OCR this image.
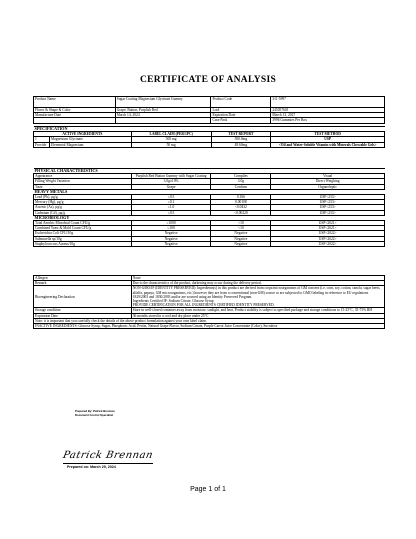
CERTIFICATE OF ANALYSIS
Product Name	Sugar Coating Magnesium Glycinate Gummy	Product Code	311-5997
Flavor & Shape & Color	Grape, Button, Purplish Red	Lot#	24505760J
Manufacture Date	March 14, 2024	Expiration Date	March 13, 2027
		Case Pack	3996 Gummies Per Box
SPECIFICATION				
ACTIVE INGREDIENTS		LABEL CLAIM (PER/1PC)	TEST REPORT	TEST METHOD
1	Magnesium Glycinate	500 mg	500.0mg	USP
Provide	Elemental Magnesium	50 mg	49.60mg	<Oil and Water-Soluble Vitamin with Minerals Chewable Gels>
PHYSICAL CHARACTERISTICS			
Appearance	Purplish Red Button Gummy with Sugar Coating	Complies	Visual
Filling Weight Variation	3.0g±10%	3.0g	Direct Weighing
Taste	Grape	Confirm	Organoleptic
HEAVY METALS			
Lead (Pb), µg/g	≤0.5	0.166	USP<233>
Mercury (Hg), µg/g	≤0.1	0.00108	USP<233>
Arsenic (As), µg/g	≤1.0	<0.0432	USP<233>
Cadmium (Cd), µg/g	≤0.5	<0.00220	USP<233>
MICROBIOLOGY			
Total Aerobic Microbial Count CFU/g	≤1000	<10	USP<2021>
Combined Yeast & Mold Count CFU/g	≤100	<10	USP<2021>
Escherichia Coli CFU/10g	Negative	Negative	USP<2022>
Salmonella sp/10g	Negative	Negative	USP<2022>
Staphylococcus Aureus/10g	Negative	Negative	USP<2022>
Allergen	None
Remark	Due to the characteristics of the product, darkening may occur during the delivery period.
Bioengineering Declaration	NON-GMO/IP (IDENTITY PRESERVED): Ingredients(s) in this product are derived from crops/microorganisms of GM concern (i.e. corn, soy, cotton, canola, sugar beets, alfalfa, papaya, GM microorganisms, etc.) however they are from a conventional (non-GM) source or are subjected to GMO labeling in reference to EU regulations 1829/2003 and 1830/2003 and/or are sourced using an Identity Preserved Program.
Ingredients Certified IP: Sodium Citrate, Glucose Syrup
PROVIDE CERTIFICATION FOR ALL INGREDIENTS CERTIFIED IDENTITY PRESERVED.

Storage condition	Store in well-closed container away from moisture, sunlight, and heat. Product stability is subject to specified package and storage conditions to 15-25°C, 35-75% RH
Expiration Date	36 months stored in a cool and dry place under 25°C
Note: it is important that you carefully check the details of the above product formulation against your own label claim.	
INACTIVE INGREDIENTS: Glucose Syrup, Sugar, Phosphoric Acid, Pectin, Natural Grape Flavor, Sodium Citrate, Purple Carrot Juice Concentrate (Color), Sucralose	
Prepared By: Patrick Brennan
Document Control Specialist
Patrick Brennan
Prepared on: March 29, 2024
Page 1 of 1
